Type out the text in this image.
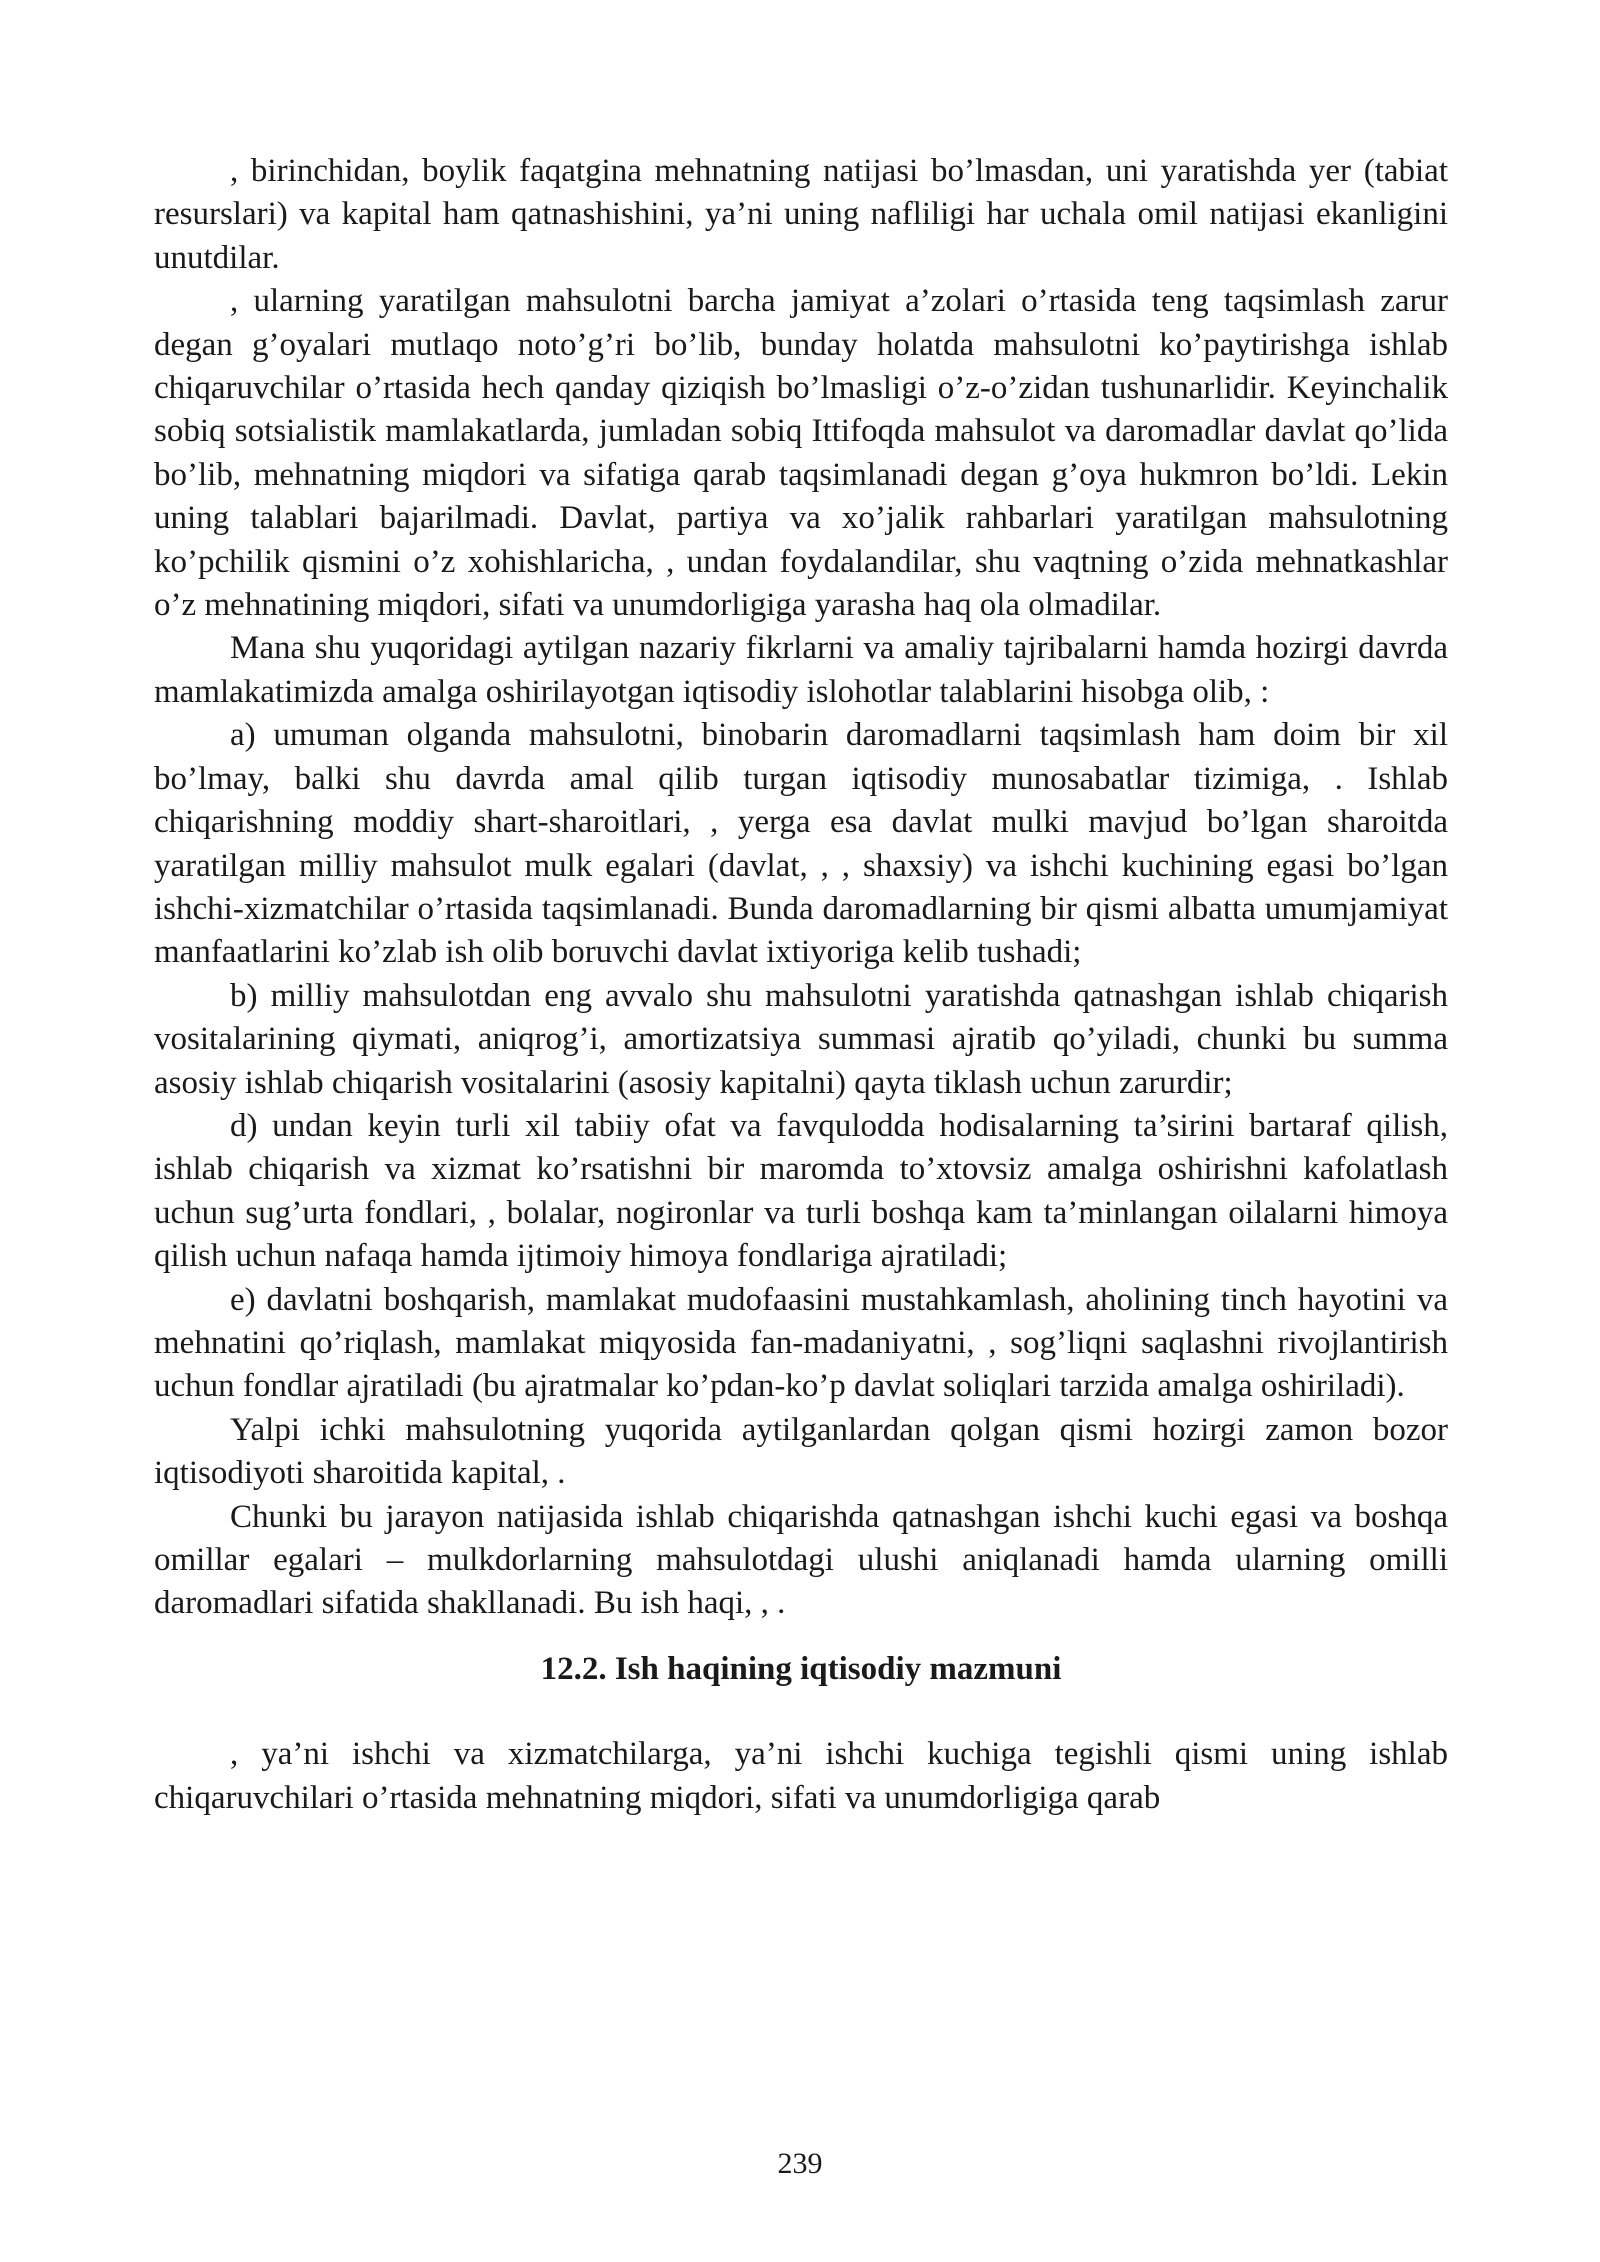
, birinchidan, boylik faqatgina mehnatning natijasi bo’lmasdan, uni yaratishda yer (tabiat resurslari) va kapital ham qatnashishini, ya’ni uning nafliligi har uchala omil natijasi ekanligini unutdilar.

, ularning yaratilgan mahsulotni barcha jamiyat a’zolari o’rtasida teng taqsimlash zarur degan g’oyalari mutlaqo noto’g’ri bo’lib, bunday holatda mahsulotni ko’paytirishga ishlab chiqaruvchilar o’rtasida hech qanday qiziqish bo’lmasligi o’z-o’zidan tushunarlidir. Keyinchalik sobiq sotsialistik mamlakatlarda, jumladan sobiq Ittifoqda mahsulot va daromadlar davlat qo’lida bo’lib, mehnatning miqdori va sifatiga qarab taqsimlanadi degan g’oya hukmron bo’ldi. Lekin uning talablari bajarilmadi. Davlat, partiya va xo’jalik rahbarlari yaratilgan mahsulotning ko’pchilik qismini o’z xohishlaricha, , undan foydalandilar, shu vaqtning o’zida mehnatkashlar o’z mehnatining miqdori, sifati va unumdorligiga yarasha haq ola olmadilar.

Mana shu yuqoridagi aytilgan nazariy fikrlarni va amaliy tajribalarni hamda hozirgi davrda mamlakatimizda amalga oshirilayotgan iqtisodiy islohotlar talablarini hisobga olib, :

a) umuman olganda mahsulotni, binobarin daromadlarni taqsimlash ham doim bir xil bo’lmay, balki shu davrda amal qilib turgan iqtisodiy munosabatlar tizimiga, . Ishlab chiqarishning moddiy shart-sharoitlari, , yerga esa davlat mulki mavjud bo’lgan sharoitda yaratilgan milliy mahsulot mulk egalari (davlat, , , shaxsiy) va ishchi kuchining egasi bo’lgan ishchi-xizmatchilar o’rtasida taqsimlanadi. Bunda daromadlarning bir qismi albatta umumjamiyat manfaatlarini ko’zlab ish olib boruvchi davlat ixtiyoriga kelib tushadi;

b) milliy mahsulotdan eng avvalo shu mahsulotni yaratishda qatnashgan ishlab chiqarish vositalarining qiymati, aniqrog’i, amortizatsiya summasi ajratib qo’yiladi, chunki bu summa asosiy ishlab chiqarish vositalarini (asosiy kapitalni) qayta tiklash uchun zarurdir;

d) undan keyin turli xil tabiiy ofat va favqulodda hodisalarning ta’sirini bartaraf qilish, ishlab chiqarish va xizmat ko’rsatishni bir maromda to’xtovsiz amalga oshirishni kafolatlash uchun sug’urta fondlari, , bolalar, nogironlar va turli boshqa kam ta’minlangan oilalarni himoya qilish uchun nafaqa hamda ijtimoiy himoya fondlariga ajratiladi;

e) davlatni boshqarish, mamlakat mudofaasini mustahkamlash, aholining tinch hayotini va mehnatini qo’riqlash, mamlakat miqyosida fan-madaniyatni, , sog’liqni saqlashni rivojlantirish uchun fondlar ajratiladi (bu ajratmalar ko’pdan-ko’p davlat soliqlari tarzida amalga oshiriladi).

Yalpi ichki mahsulotning yuqorida aytilganlardan qolgan qismi hozirgi zamon bozor iqtisodiyoti sharoitida kapital, .

Chunki bu jarayon natijasida ishlab chiqarishda qatnashgan ishchi kuchi egasi va boshqa omillar egalari – mulkdorlarning mahsulotdagi ulushi aniqlanadi hamda ularning omilli daromadlari sifatida shakllanadi. Bu ish haqi, , .

12.2. Ish haqining iqtisodiy mazmuni

, ya’ni ishchi va xizmatchilarga, ya’ni ishchi kuchiga tegishli qismi uning ishlab chiqaruvchilari o’rtasida mehnatning miqdori, sifati va unumdorligiga qarab

239
